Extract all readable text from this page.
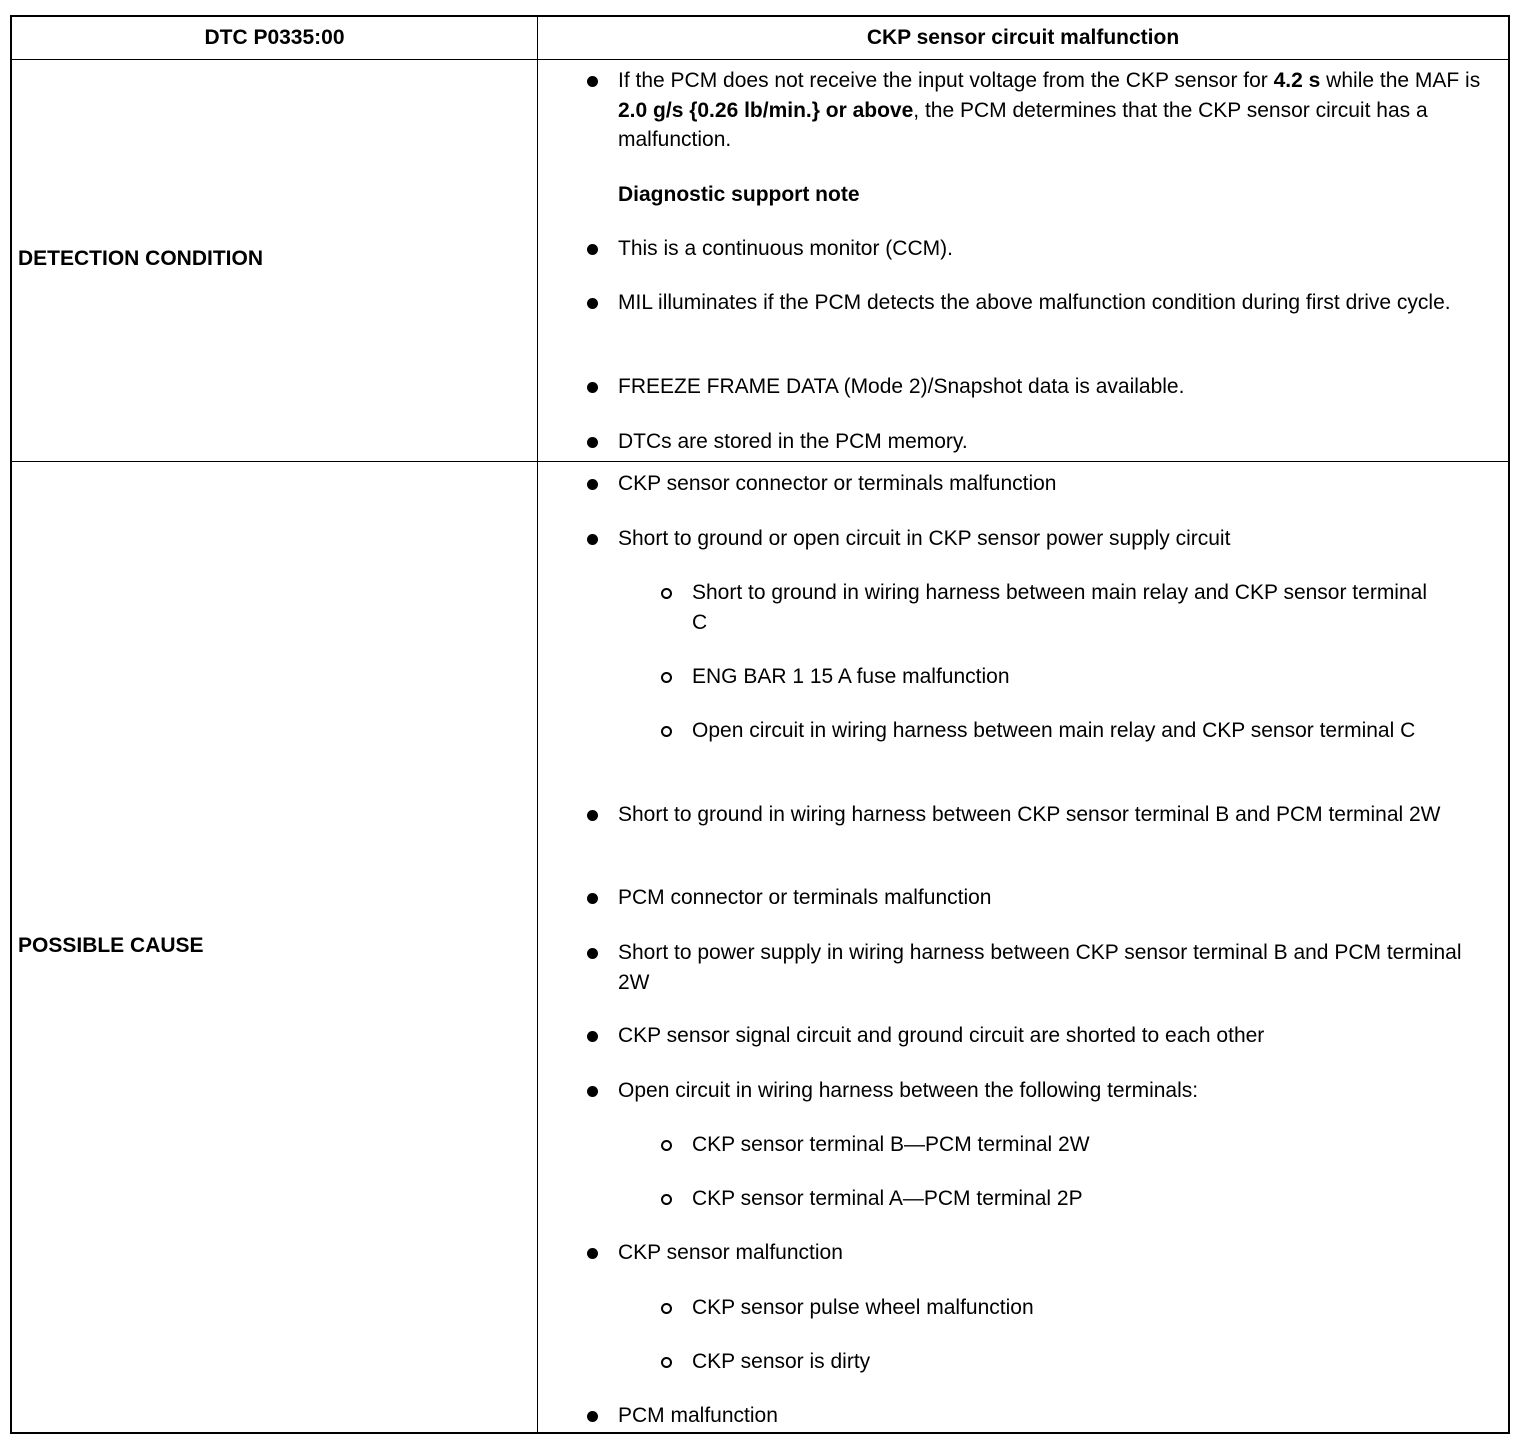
DTC P0335:00	CKP sensor circuit malfunction
DETECTION CONDITION
If the PCM does not receive the input voltage from the CKP sensor for 4.2 s while the MAF is 2.0 g/s {0.26 lb/min.} or above, the PCM determines that the CKP sensor circuit has a malfunction.
Diagnostic support note
This is a continuous monitor (CCM).
MIL illuminates if the PCM detects the above malfunction condition during first drive cycle.
FREEZE FRAME DATA (Mode 2)/Snapshot data is available.
DTCs are stored in the PCM memory.
POSSIBLE CAUSE
CKP sensor connector or terminals malfunction
Short to ground or open circuit in CKP sensor power supply circuit
Short to ground in wiring harness between main relay and CKP sensor terminal C
ENG BAR 1 15 A fuse malfunction
Open circuit in wiring harness between main relay and CKP sensor terminal C
Short to ground in wiring harness between CKP sensor terminal B and PCM terminal 2W
PCM connector or terminals malfunction
Short to power supply in wiring harness between CKP sensor terminal B and PCM terminal 2W
CKP sensor signal circuit and ground circuit are shorted to each other
Open circuit in wiring harness between the following terminals:
CKP sensor terminal B—PCM terminal 2W
CKP sensor terminal A—PCM terminal 2P
CKP sensor malfunction
CKP sensor pulse wheel malfunction
CKP sensor is dirty
PCM malfunction
